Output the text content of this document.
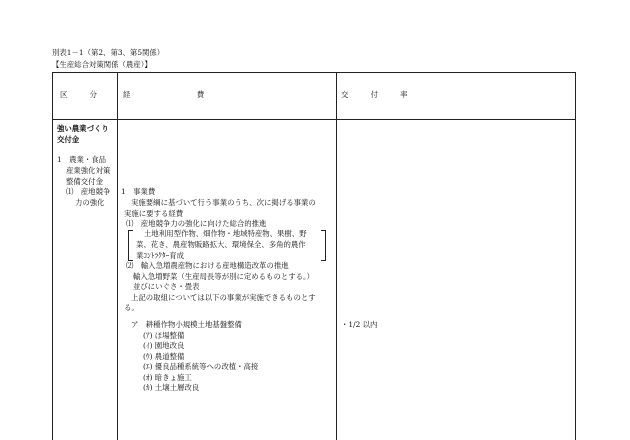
別表1－1（第2、第3、第5関係）
【生産総合対策関係（農産）】
区　　　分	経　　　　　　　　　費	交　　　付　　　率
強い農業づくり
交付金
1　農業・食品
産業強化対策
整備交付金
⑴　産地競争
力の強化
1　事業費
実施要綱に基づいて行う事業のうち、次に掲げる事業の
実施に要する経費
⑴　産地競争力の強化に向けた総合的推進
土地利用型作物、畑作物・地域特産物、果樹、野
菜、花き、農産物販路拡大、環境保全、多角的農作
業ｺﾝﾄﾗｸﾀｰ育成
⑵　輸入急増農産物における産地構造改革の推進
輸入急増野菜（生産局長等が別に定めるものとする。）
並びにいぐさ・畳表
上記の取組については以下の事業が実施できるものとす
る。
ア　耕種作物小規模土地基盤整備
(ｱ) ほ場整備
(ｲ) 園地改良
(ｳ) 農道整備
(ｴ) 優良品種系統等への改植・高接
(ｵ) 暗きょ施工
(ｶ) 土壌土層改良
・1/2 以内
